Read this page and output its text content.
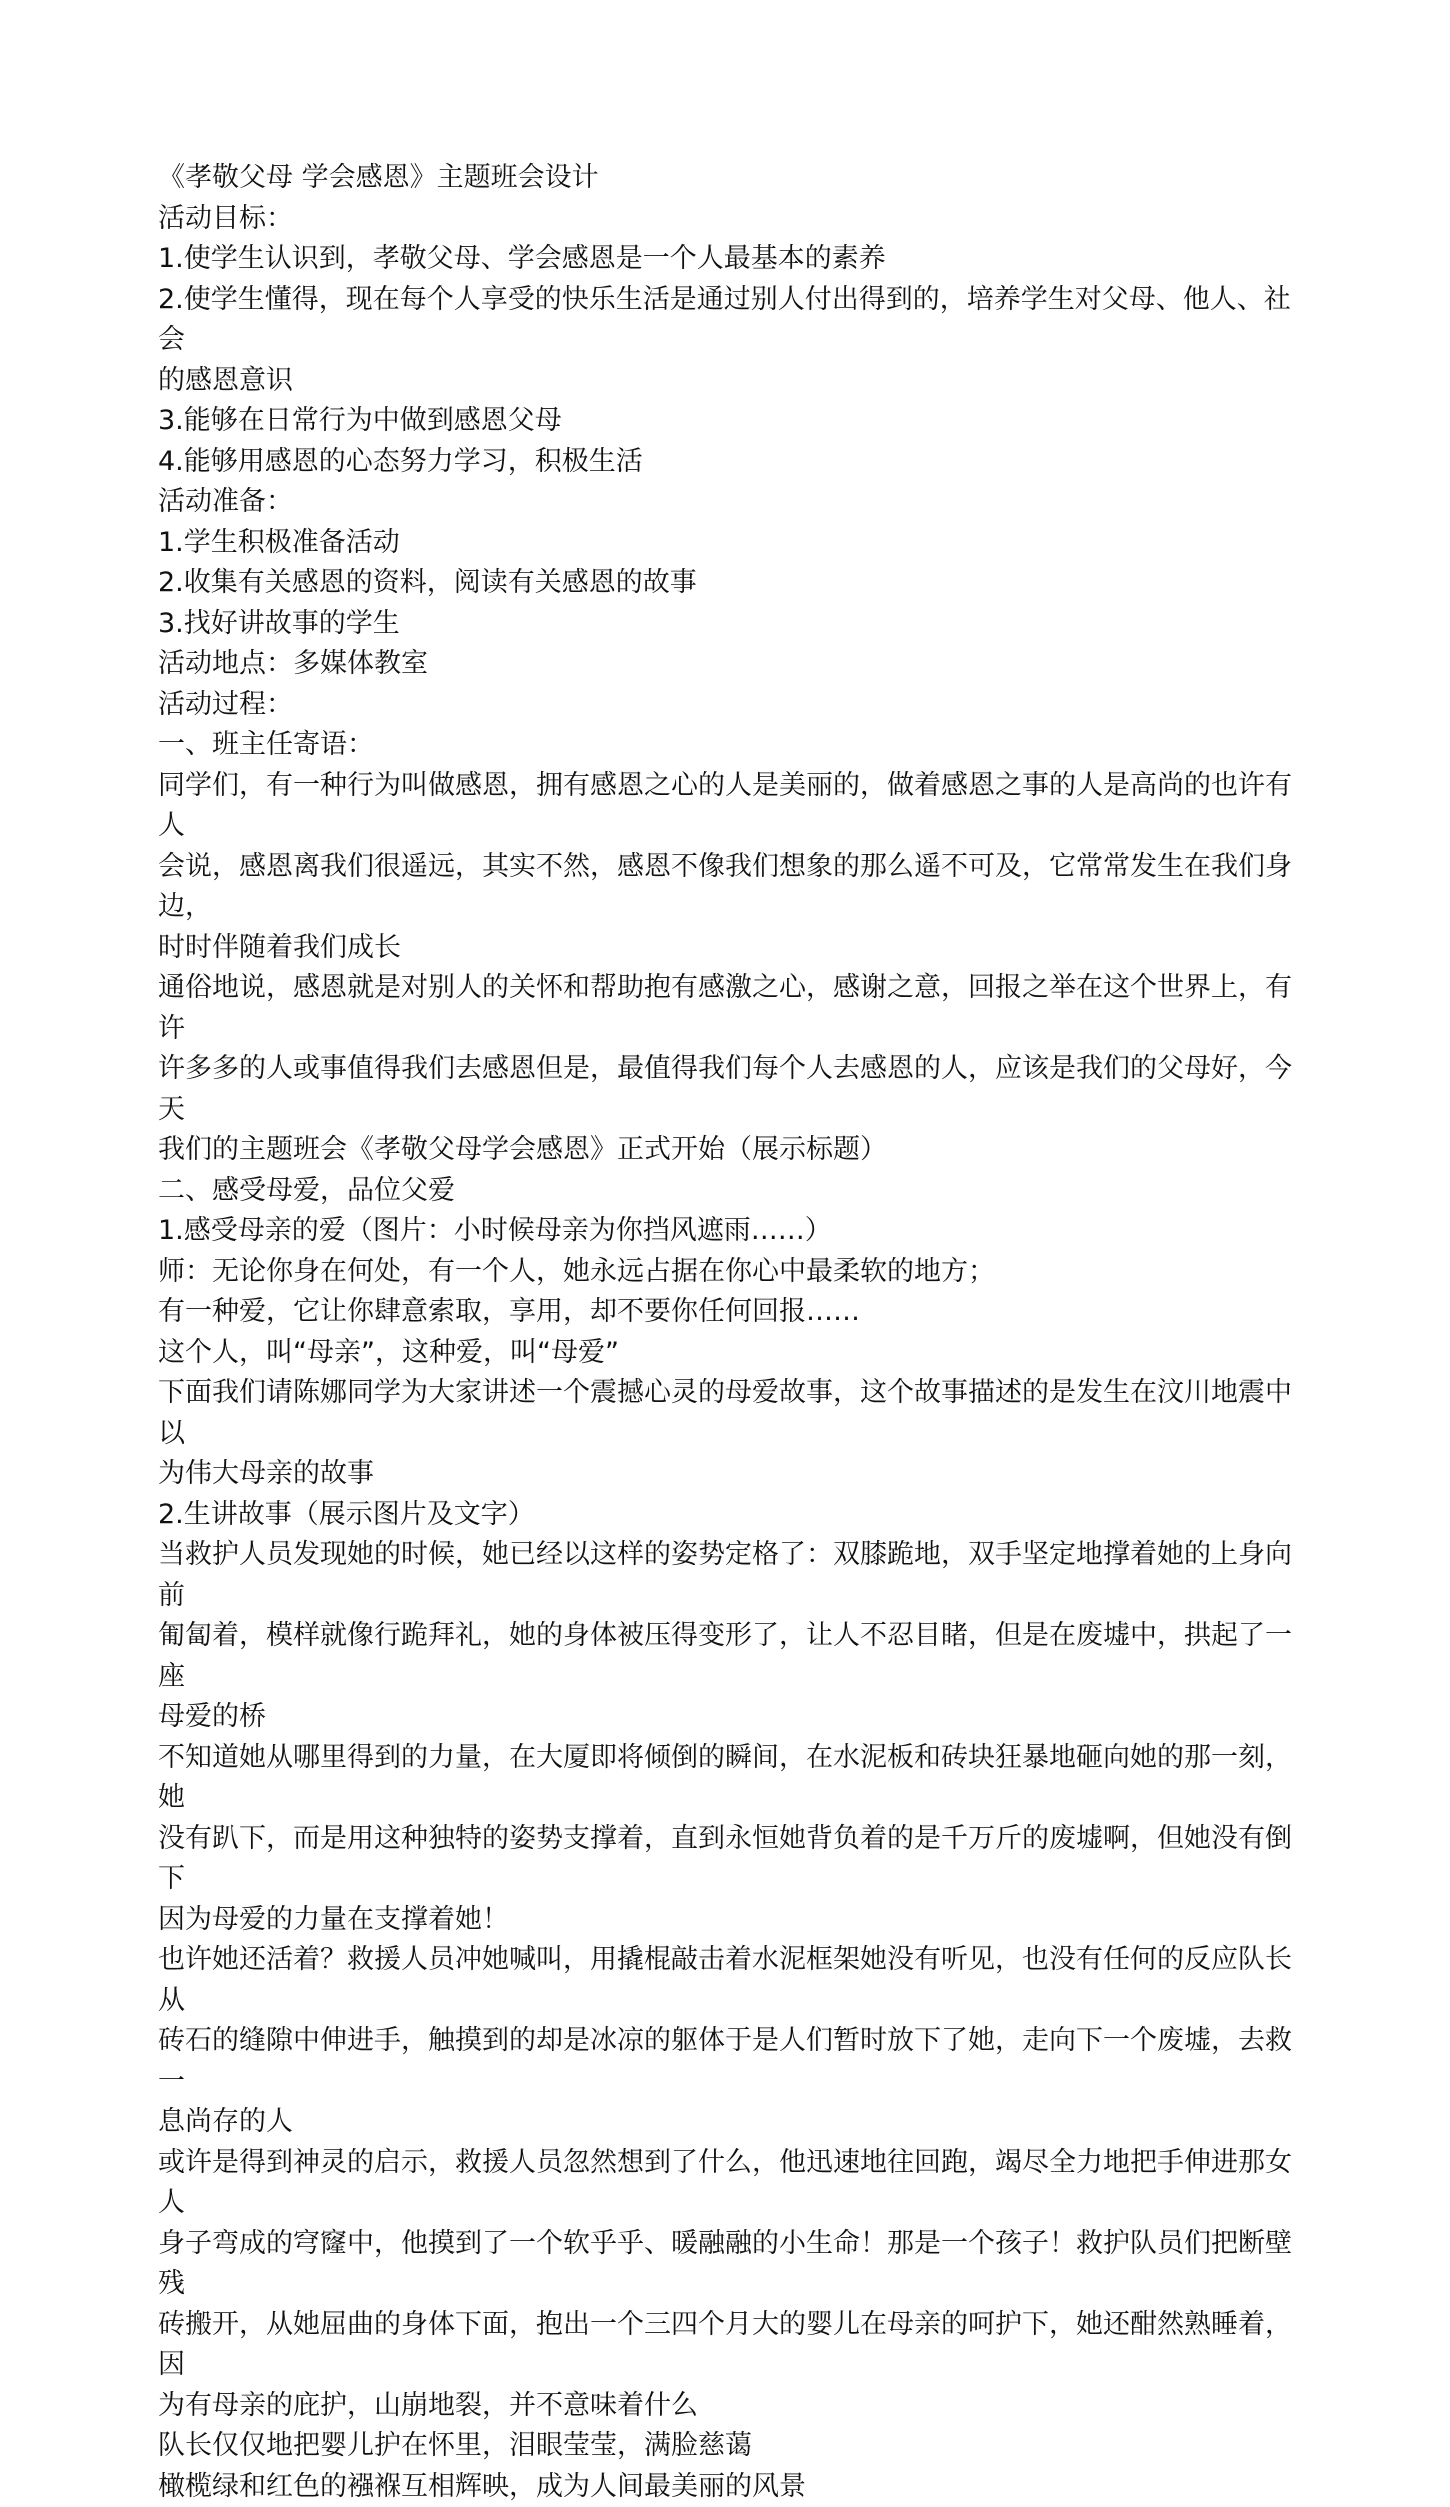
《孝敬父母 学会感恩》主题班会设计

活动目标：

1.使学生认识到，孝敬父母、学会感恩是一个人最基本的素养

2.使学生懂得，现在每个人享受的快乐生活是通过别人付出得到的，培养学生对父母、他人、社会

的感恩意识

3.能够在日常行为中做到感恩父母

4.能够用感恩的心态努力学习，积极生活

活动准备：

1.学生积极准备活动

2.收集有关感恩的资料，阅读有关感恩的故事

3.找好讲故事的学生

活动地点：多媒体教室

活动过程：

一、班主任寄语：

同学们，有一种行为叫做感恩，拥有感恩之心的人是美丽的，做着感恩之事的人是高尚的也许有人

会说，感恩离我们很遥远，其实不然，感恩不像我们想象的那么遥不可及，它常常发生在我们身边，

时时伴随着我们成长

通俗地说，感恩就是对别人的关怀和帮助抱有感激之心，感谢之意，回报之举在这个世界上，有许

许多多的人或事值得我们去感恩但是，最值得我们每个人去感恩的人，应该是我们的父母好，今天

我们的主题班会《孝敬父母学会感恩》正式开始（展示标题）

二、感受母爱，品位父爱

1.感受母亲的爱（图片：小时候母亲为你挡风遮雨……）

师：无论你身在何处，有一个人，她永远占据在你心中最柔软的地方；

有一种爱，它让你肆意索取，享用，却不要你任何回报……

这个人，叫“母亲”，这种爱，叫“母爱”

下面我们请陈娜同学为大家讲述一个震撼心灵的母爱故事，这个故事描述的是发生在汶川地震中以

为伟大母亲的故事

2.生讲故事（展示图片及文字）

当救护人员发现她的时候，她已经以这样的姿势定格了：双膝跪地，双手坚定地撑着她的上身向前

匍匐着，模样就像行跪拜礼，她的身体被压得变形了，让人不忍目睹，但是在废墟中，拱起了一座

母爱的桥

不知道她从哪里得到的力量，在大厦即将倾倒的瞬间，在水泥板和砖块狂暴地砸向她的那一刻，她

没有趴下，而是用这种独特的姿势支撑着，直到永恒她背负着的是千万斤的废墟啊，但她没有倒下

因为母爱的力量在支撑着她！

也许她还活着？救援人员冲她喊叫，用撬棍敲击着水泥框架她没有听见，也没有任何的反应队长从

砖石的缝隙中伸进手，触摸到的却是冰凉的躯体于是人们暂时放下了她，走向下一个废墟，去救一

息尚存的人

或许是得到神灵的启示，救援人员忽然想到了什么，他迅速地往回跑，竭尽全力地把手伸进那女人

身子弯成的穹窿中，他摸到了一个软乎乎、暖融融的小生命！那是一个孩子！救护队员们把断壁残

砖搬开，从她屈曲的身体下面，抱出一个三四个月大的婴儿在母亲的呵护下，她还酣然熟睡着，因

为有母亲的庇护，山崩地裂，并不意味着什么

队长仅仅地把婴儿护在怀里，泪眼莹莹，满脸慈蔼

橄榄绿和红色的襁褓互相辉映，成为人间最美丽的风景
